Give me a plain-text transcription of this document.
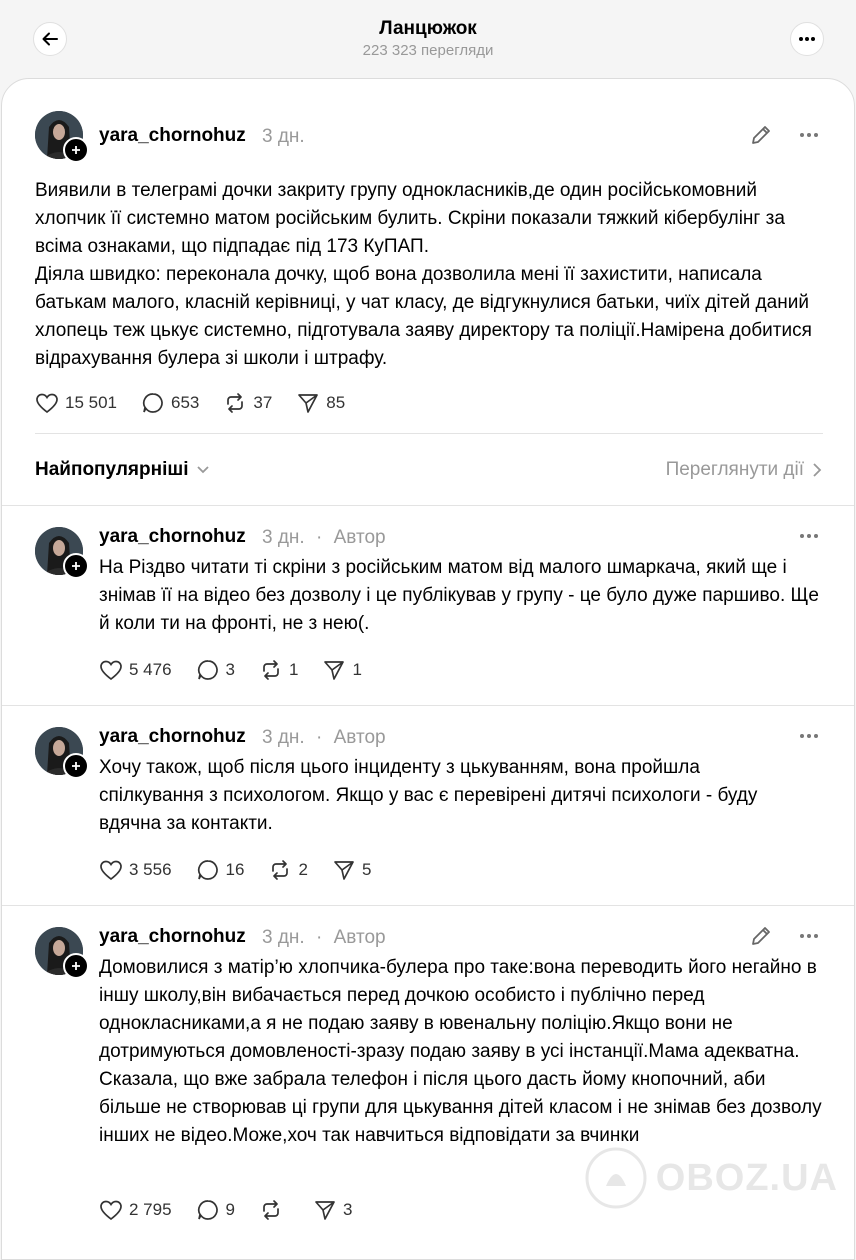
Ланцюжок
223 323 перегляди
yara_chornohuz 3 дн.

Виявили в телеграмі дочки закриту групу однокласників,де один російськомовний хлопчик її системно матом російським булить. Скріни показали тяжкий кібербулінг за всіма ознаками, що підпадає під 173 КуПАП.

Діяла швидко: переконала дочку, щоб вона дозволила мені її захистити, написала батькам малого, класній керівниці, у чат класу, де відгукнулися батьки, чиїх дітей даний хлопець теж цькує системно, підготувала заяву директору та поліції.Намірена добитися відрахування булера зі школи і штрафу.

15 501	653	37	85
Найпопулярніші	Переглянути дії
yara_chornohuz 3 дн. · Автор
На Різдво читати ті скріни з російським матом від малого шмаркача, який ще і знімав її на відео без дозволу і це публікував у групу - це було дуже паршиво. Ще й коли ти на фронті, не з нею(.
5 476	3	1	1
yara_chornohuz 3 дн. · Автор
Хочу також, щоб після цього інциденту з цькуванням, вона пройшла спілкування з психологом. Якщо у вас є перевірені дитячі психологи - буду вдячна за контакти.
3 556	16	2	5
yara_chornohuz 3 дн. · Автор
Домовилися з матір’ю хлопчика-булера про таке:вона переводить його негайно в іншу школу,він вибачається перед дочкою особисто і публічно перед однокласниками,а я не подаю заяву в ювенальну поліцію.Якщо вони не дотримуються домовленості-зразу подаю заяву в усі інстанції.Мама адекватна. Сказала, що вже забрала телефон і після цього дасть йому кнопочний, аби більше не створював ці групи для цькування дітей класом і не знімав без дозволу інших не відео.Може,хоч так навчиться відповідати за вчинки
2 795	9	3
OBOZ.UA
